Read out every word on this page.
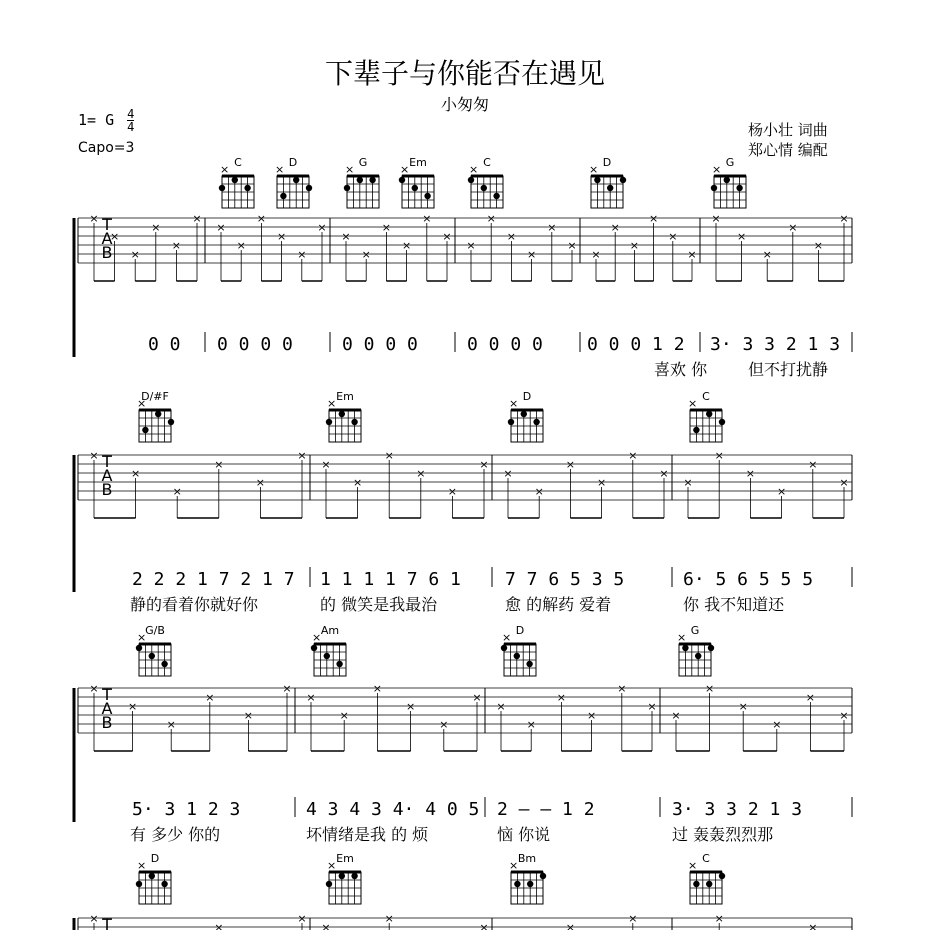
下辈子与你能否在遇见
小匆匆
1= G $\frac{4}{4}$
Capo=3
杨小壮 词曲
郑心情 编配
T
A
B
C
×
D
×
G
×
Em
×
C
×
D
×
G
×
×
×
×
×
×
×
×
×
×
×
×
×
×
×
×
×
×
×
×
×
×
×
×
×
×
×
×
×
×
×
×
×
×
×
×
×
0 0 0 0 0 0	0 0 0 0	0 0 0 0 0 0 0 1 2 3· 3 3 2 1 3
喜欢 你	但不打扰静
T
A
B
D/#F
×
Em
×
D
×
C
×
×
×
×
×
×
×
×
×
×
×
×
×
×
×
×
×
×
×
×
×
×
×
×
×
2 2 2 1 7 2 1 7 1 1 1 1 7 6 1 7 7 6 5 3 5	6· 5 6 5 5 5
静的看着你就好你	的 微笑是我最治	愈 的解药 爱着	你 我不知道还
T
A
B
G/B
×
Am
×
D
×
G
×
×
×
×
×
×
×
×
×
×
×
×
×
×
×
×
×
×
×
×
×
×
×
×
×
5· 3 1 2 3	4 3 4 3 4· 4 0 5 2 — — 1 2	3· 3 3 2 1 3
有 多少 你的	坏情绪是我 的 烦	恼 你说	过 轰轰烈烈那
T
D
×
Em
×
Bm
×
C
×
×
×
×
×
×
×	×
×	×
×
